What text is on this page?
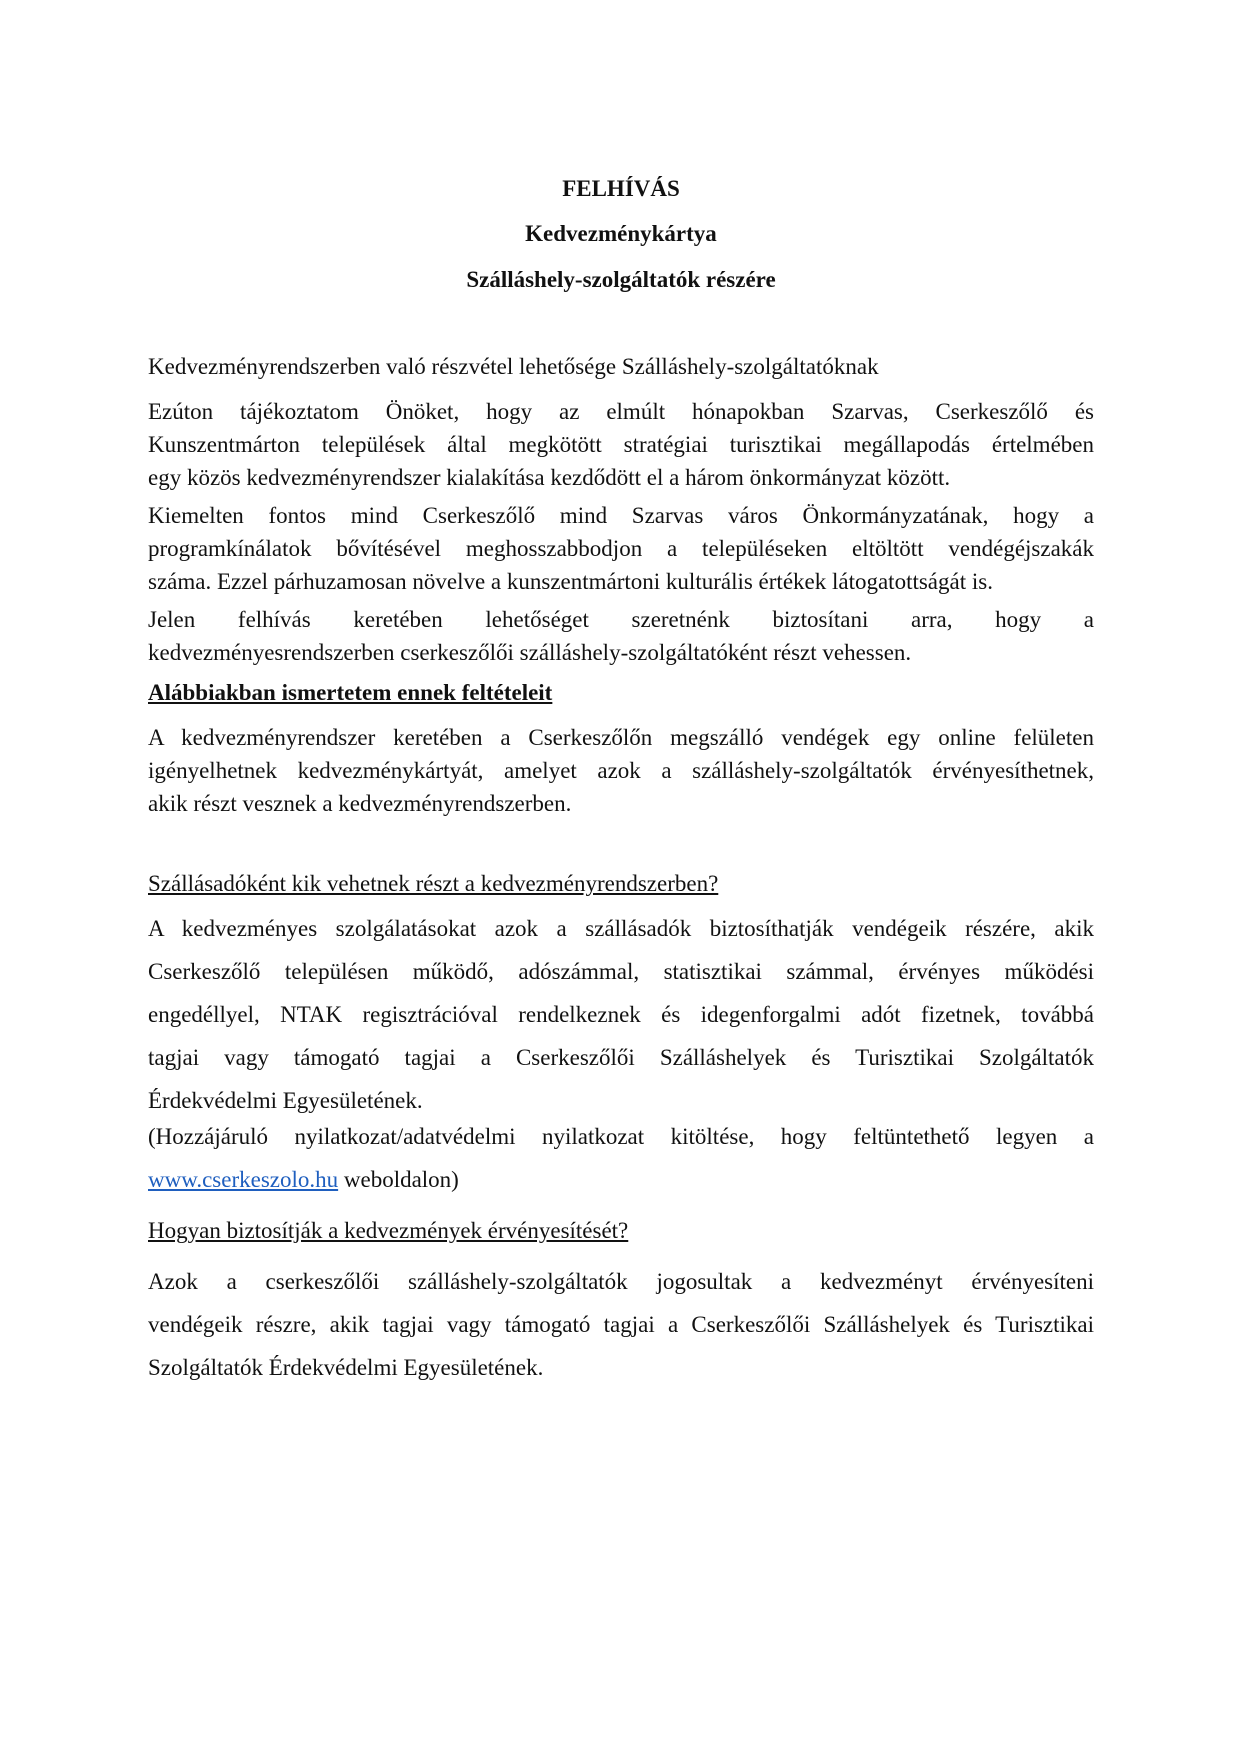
FELHÍVÁS
Kedvezménykártya
Szálláshely-szolgáltatók részére

Kedvezményrendszerben való részvétel lehetősége Szálláshely-szolgáltatóknak

Ezúton tájékoztatom Önöket, hogy az elmúlt hónapokban Szarvas, Cserkeszőlő és
Kunszentmárton települések által megkötött stratégiai turisztikai megállapodás értelmében
egy közös kedvezményrendszer kialakítása kezdődött el a három önkormányzat között.

Kiemelten fontos mind Cserkeszőlő mind Szarvas város Önkormányzatának, hogy a
programkínálatok bővítésével meghosszabbodjon a településeken eltöltött vendégéjszakák
száma. Ezzel párhuzamosan növelve a kunszentmártoni kulturális értékek látogatottságát is.

Jelen felhívás keretében lehetőséget szeretnénk biztosítani arra, hogy a
kedvezményesrendszerben cserkeszőlői szálláshely-szolgáltatóként részt vehessen.

Alábbiakban ismertetem ennek feltételeit

A kedvezményrendszer keretében a Cserkeszőlőn megszálló vendégek egy online felületen
igényelhetnek kedvezménykártyát, amelyet azok a szálláshely-szolgáltatók érvényesíthetnek,
akik részt vesznek a kedvezményrendszerben.

Szállásadóként kik vehetnek részt a kedvezményrendszerben?

A kedvezményes szolgálatásokat azok a szállásadók biztosíthatják vendégeik részére, akik
Cserkeszőlő településen működő, adószámmal, statisztikai számmal, érvényes működési
engedéllyel, NTAK regisztrációval rendelkeznek és idegenforgalmi adót fizetnek, továbbá
tagjai vagy támogató tagjai a Cserkeszőlői Szálláshelyek és Turisztikai Szolgáltatók
Érdekvédelmi Egyesületének.

(Hozzájáruló nyilatkozat/adatvédelmi nyilatkozat kitöltése, hogy feltüntethető legyen a
www.cserkeszolo.hu weboldalon)

Hogyan biztosítják a kedvezmények érvényesítését?

Azok a cserkeszőlői szálláshely-szolgáltatók jogosultak a kedvezményt érvényesíteni
vendégeik részre, akik tagjai vagy támogató tagjai a Cserkeszőlői Szálláshelyek és Turisztikai
Szolgáltatók Érdekvédelmi Egyesületének.
